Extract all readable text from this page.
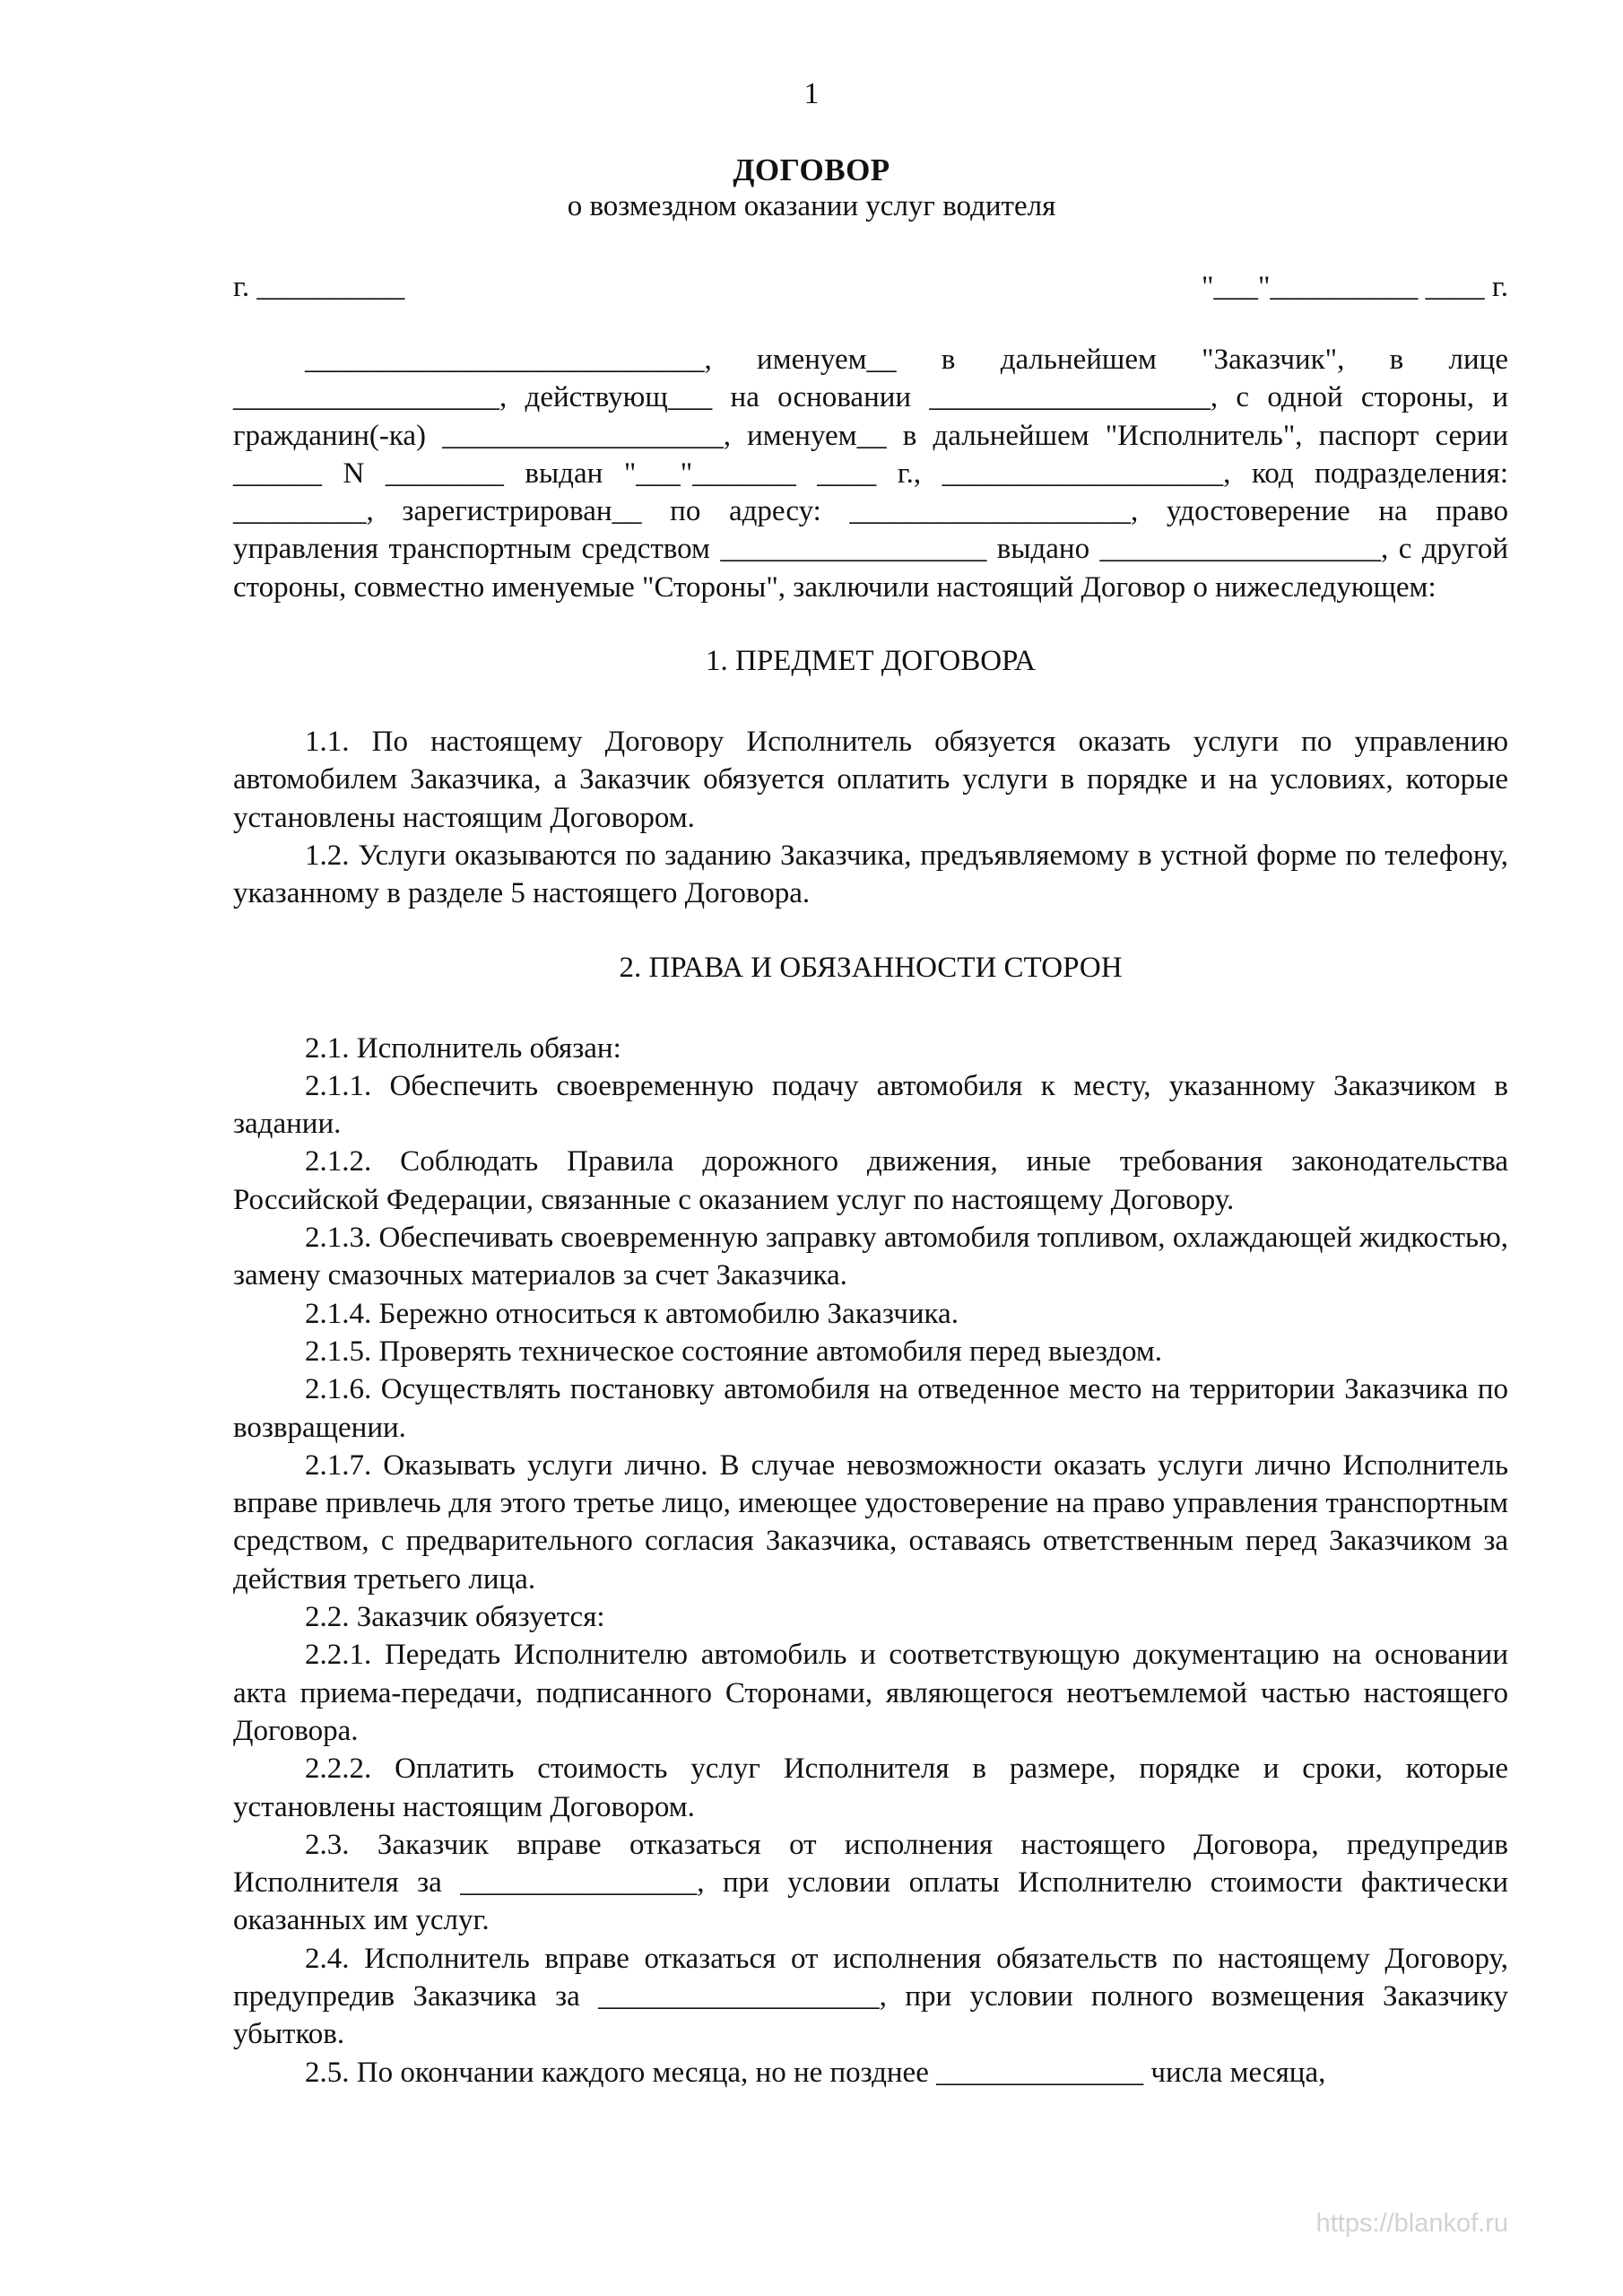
1
ДОГОВОР
о возмездном оказании услуг водителя
г. __________	"___"__________ ____ г.

___________________________, именуем__ в дальнейшем "Заказчик", в лице __________________, действующ___ на основании ___________________, с одной стороны, и гражданин(-ка) ___________________, именуем__ в дальнейшем "Исполнитель", паспорт серии ______ N ________ выдан "___"_______ ____ г., ___________________, код подразделения: _________, зарегистрирован__ по адресу: ___________________, удостоверение на право управления транспортным средством __________________ выдано ___________________, с другой стороны, совместно именуемые "Стороны", заключили настоящий Договор о нижеследующем:

1. ПРЕДМЕТ ДОГОВОРА

1.1. По настоящему Договору Исполнитель обязуется оказать услуги по управлению автомобилем Заказчика, а Заказчик обязуется оплатить услуги в порядке и на условиях, которые установлены настоящим Договором.

1.2. Услуги оказываются по заданию Заказчика, предъявляемому в устной форме по телефону, указанному в разделе 5 настоящего Договора.

2. ПРАВА И ОБЯЗАННОСТИ СТОРОН

2.1. Исполнитель обязан:

2.1.1. Обеспечить своевременную подачу автомобиля к месту, указанному Заказчиком в задании.

2.1.2. Соблюдать Правила дорожного движения, иные требования законодательства Российской Федерации, связанные с оказанием услуг по настоящему Договору.

2.1.3. Обеспечивать своевременную заправку автомобиля топливом, охлаждающей жидкостью, замену смазочных материалов за счет Заказчика.

2.1.4. Бережно относиться к автомобилю Заказчика.

2.1.5. Проверять техническое состояние автомобиля перед выездом.

2.1.6. Осуществлять постановку автомобиля на отведенное место на территории Заказчика по возвращении.

2.1.7. Оказывать услуги лично. В случае невозможности оказать услуги лично Исполнитель вправе привлечь для этого третье лицо, имеющее удостоверение на право управления транспортным средством, с предварительного согласия Заказчика, оставаясь ответственным перед Заказчиком за действия третьего лица.

2.2. Заказчик обязуется:

2.2.1. Передать Исполнителю автомобиль и соответствующую документацию на основании акта приема-передачи, подписанного Сторонами, являющегося неотъемлемой частью настоящего Договора.

2.2.2. Оплатить стоимость услуг Исполнителя в размере, порядке и сроки, которые установлены настоящим Договором.

2.3. Заказчик вправе отказаться от исполнения настоящего Договора, предупредив Исполнителя за ________________, при условии оплаты Исполнителю стоимости фактически оказанных им услуг.

2.4. Исполнитель вправе отказаться от исполнения обязательств по настоящему Договору, предупредив Заказчика за ___________________, при условии полного возмещения Заказчику убытков.

2.5. По окончании каждого месяца, но не позднее ______________ числа месяца,

https://blankof.ru
